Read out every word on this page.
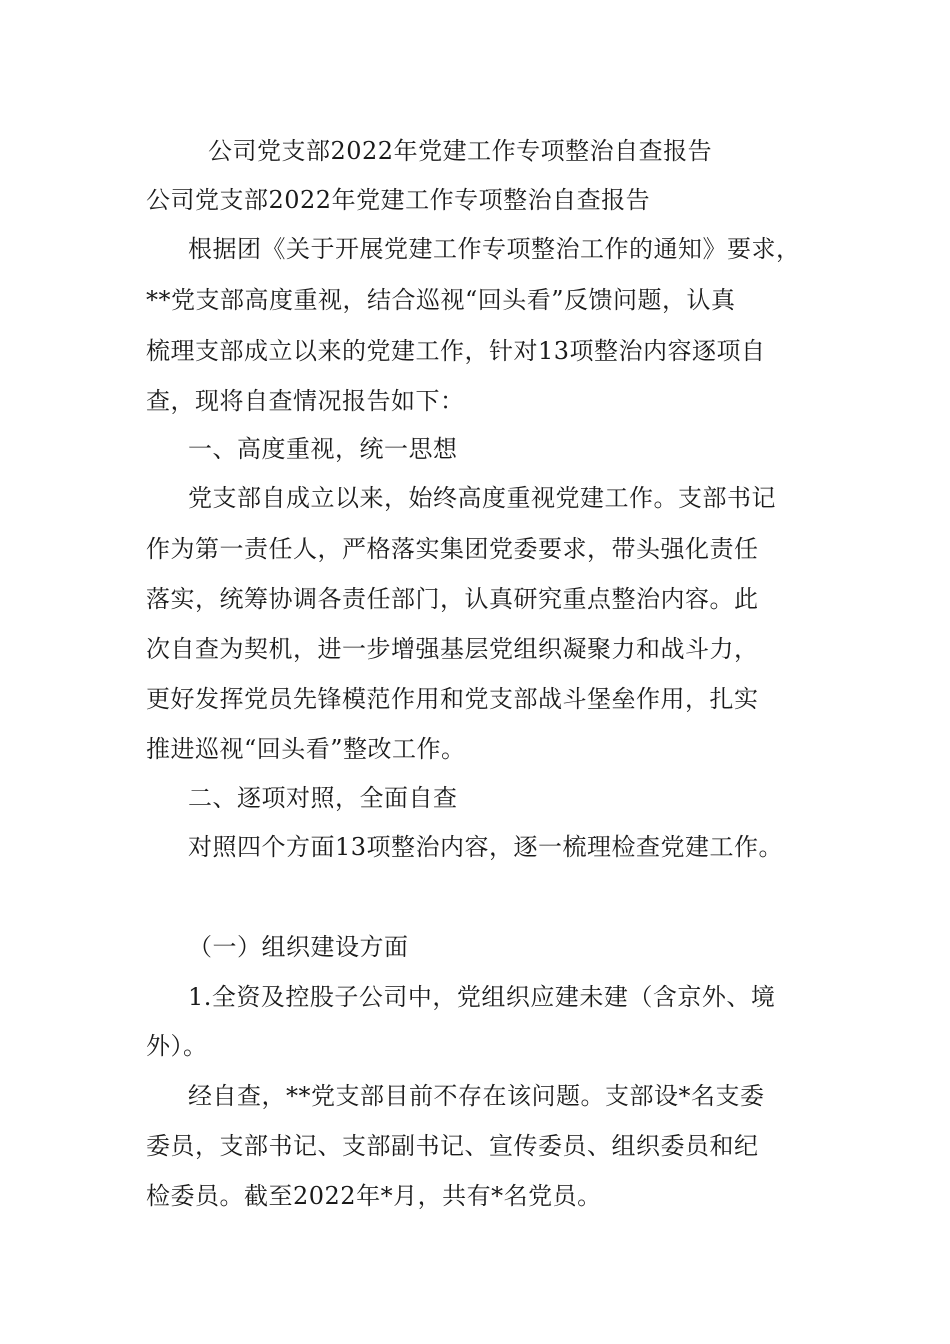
公司党支部2022年党建工作专项整治自查报告
公司党支部2022年党建工作专项整治自查报告
根据团《关于开展党建工作专项整治工作的通知》要求，
**党支部高度重视，结合巡视“回头看”反馈问题，认真
梳理支部成立以来的党建工作，针对13项整治内容逐项自
查，现将自查情况报告如下：
一、高度重视，统一思想
党支部自成立以来，始终高度重视党建工作。支部书记
作为第一责任人，严格落实集团党委要求，带头强化责任
落实，统筹协调各责任部门，认真研究重点整治内容。此
次自查为契机，进一步增强基层党组织凝聚力和战斗力，
更好发挥党员先锋模范作用和党支部战斗堡垒作用，扎实
推进巡视“回头看”整改工作。
二、逐项对照，全面自查
对照四个方面13项整治内容，逐一梳理检查党建工作。
（一）组织建设方面
1.全资及控股子公司中，党组织应建未建（含京外、境
外）。
经自查，**党支部目前不存在该问题。支部设*名支委
委员，支部书记、支部副书记、宣传委员、组织委员和纪
检委员。截至2022年*月，共有*名党员。
